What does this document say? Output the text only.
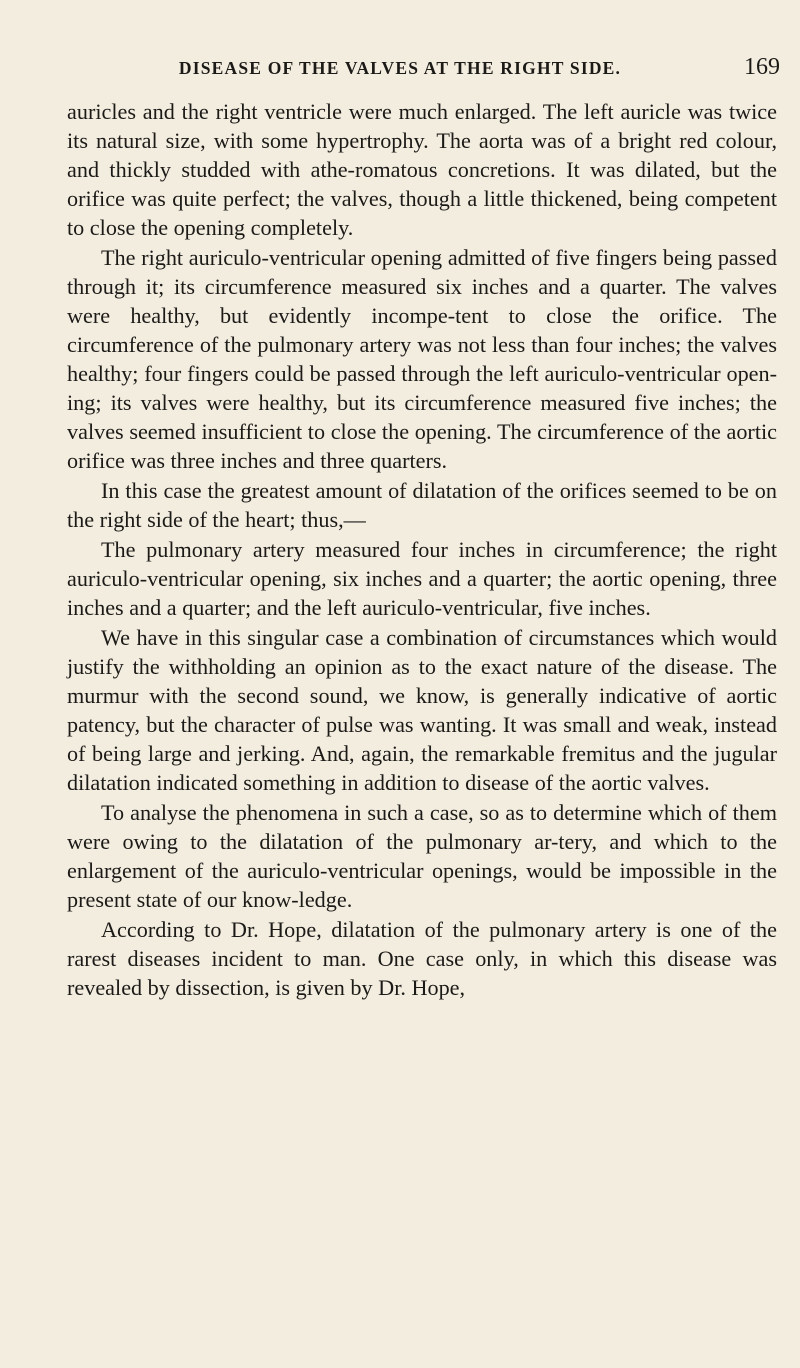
DISEASE OF THE VALVES AT THE RIGHT SIDE.	169

auricles and the right ventricle were much enlarged. The left auricle was twice its natural size, with some hypertrophy. The aorta was of a bright red colour, and thickly studded with athe-romatous concretions. It was dilated, but the orifice was quite perfect; the valves, though a little thickened, being competent to close the opening completely.

The right auriculo-ventricular opening admitted of five fingers being passed through it; its circumference measured six inches and a quarter. The valves were healthy, but evidently incompe-tent to close the orifice. The circumference of the pulmonary artery was not less than four inches; the valves healthy; four fingers could be passed through the left auriculo-ventricular open-ing; its valves were healthy, but its circumference measured five inches; the valves seemed insufficient to close the opening. The circumference of the aortic orifice was three inches and three quarters.

In this case the greatest amount of dilatation of the orifices seemed to be on the right side of the heart; thus,—

The pulmonary artery measured four inches in circumference; the right auriculo-ventricular opening, six inches and a quarter; the aortic opening, three inches and a quarter; and the left auriculo-ventricular, five inches.

We have in this singular case a combination of circumstances which would justify the withholding an opinion as to the exact nature of the disease. The murmur with the second sound, we know, is generally indicative of aortic patency, but the character of pulse was wanting. It was small and weak, instead of being large and jerking. And, again, the remarkable fremitus and the jugular dilatation indicated something in addition to disease of the aortic valves.

To analyse the phenomena in such a case, so as to determine which of them were owing to the dilatation of the pulmonary ar-tery, and which to the enlargement of the auriculo-ventricular openings, would be impossible in the present state of our know-ledge.

According to Dr. Hope, dilatation of the pulmonary artery is one of the rarest diseases incident to man. One case only, in which this disease was revealed by dissection, is given by Dr. Hope,
